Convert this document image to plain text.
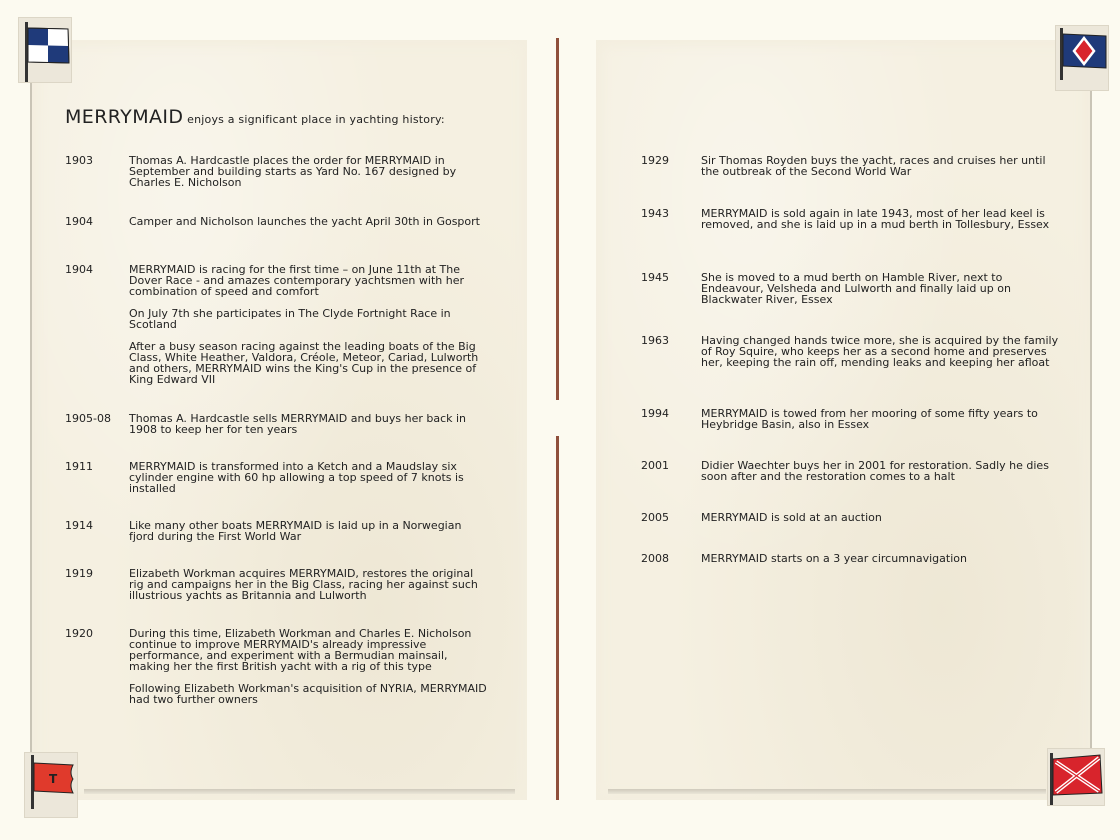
T
MERRYMAID enjoys a significant place in yachting history:
1903	Thomas A. Hardcastle places the order for MERRYMAID in September and building starts as Yard No. 167 designed by Charles E. Nicholson

1904	Camper and Nicholson launches the yacht April 30th in Gosport

1904	MERRYMAID is racing for the first time – on June 11th at The Dover Race - and amazes contemporary yachtsmen with her combination of speed and comfort

On July 7th she participates in The Clyde Fortnight Race in Scotland

After a busy season racing against the leading boats of the Big Class, White Heather, Valdora, Créole, Meteor, Cariad, Lulworth and others, MERRYMAID wins the King's Cup in the presence of King Edward VII

1905-08 Thomas A. Hardcastle sells MERRYMAID and buys her back in 1908 to keep her for ten years

1911	MERRYMAID is transformed into a Ketch and a Maudslay six cylinder engine with 60 hp allowing a top speed of 7 knots is installed

1914	Like many other boats MERRYMAID is laid up in a Norwegian fjord during the First World War

1919	Elizabeth Workman acquires MERRYMAID, restores the original rig and campaigns her in the Big Class, racing her against such illustrious yachts as Britannia and Lulworth

1920	During this time, Elizabeth Workman and Charles E. Nicholson continue to improve MERRYMAID's already impressive performance, and experiment with a Bermudian mainsail, making her the first British yacht with a rig of this type

Following Elizabeth Workman's acquisition of NYRIA, MERRYMAID had two further owners

1929	Sir Thomas Royden buys the yacht, races and cruises her until the outbreak of the Second World War

1943	MERRYMAID is sold again in late 1943, most of her lead keel is removed, and she is laid up in a mud berth in Tollesbury, Essex

1945	She is moved to a mud berth on Hamble River, next to Endeavour, Velsheda and Lulworth and finally laid up on Blackwater River, Essex

1963	Having changed hands twice more, she is acquired by the family of Roy Squire, who keeps her as a second home and preserves her, keeping the rain off, mending leaks and keeping her afloat

1994	MERRYMAID is towed from her mooring of some fifty years to Heybridge Basin, also in Essex

2001	Didier Waechter buys her in 2001 for restoration. Sadly he dies soon after and the restoration comes to a halt

2005	MERRYMAID is sold at an auction

2008	MERRYMAID starts on a 3 year circumnavigation
